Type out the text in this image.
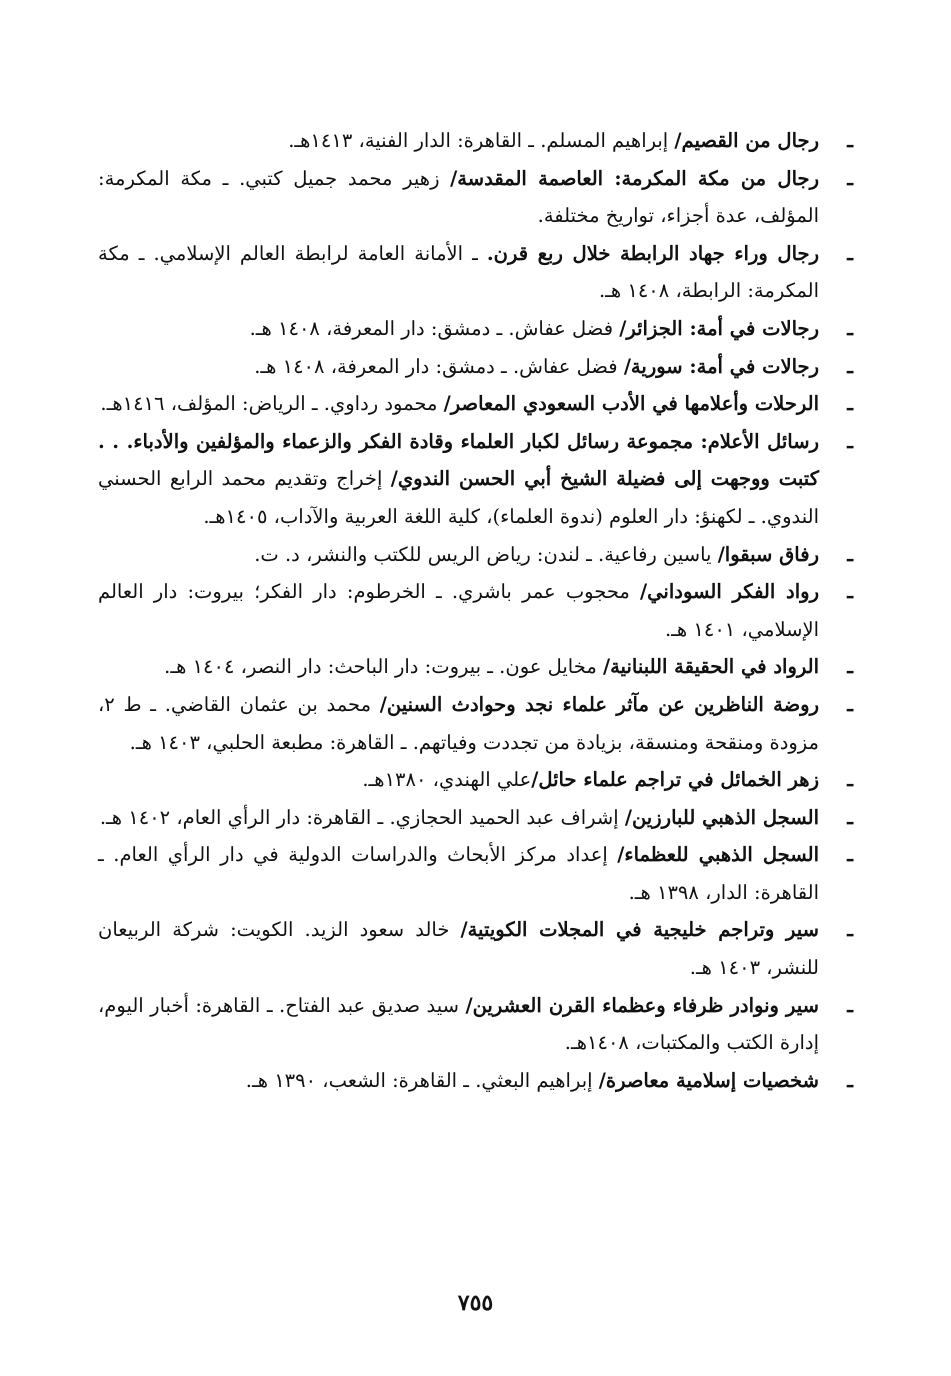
ـ
رجال من القصيم/ إبراهيم المسلم. ـ القاهرة: الدار الفنية، ١٤١٣هـ.
ـ
رجال من مكة المكرمة: العاصمة المقدسة/ زهير محمد جميل كتبي. ـ مكة المكرمة: المؤلف، عدة أجزاء، تواريخ مختلفة.
ـ
رجال وراء جهاد الرابطة خلال ربع قرن. ـ الأمانة العامة لرابطة العالم الإسلامي. ـ مكة المكرمة: الرابطة، ١٤٠٨ هـ.
ـ
رجالات في أمة: الجزائر/ فضل عفاش. ـ دمشق: دار المعرفة، ١٤٠٨ هـ.
ـ
رجالات في أمة: سورية/ فضل عفاش. ـ دمشق: دار المعرفة، ١٤٠٨ هـ.
ـ
الرحلات وأعلامها في الأدب السعودي المعاصر/ محمود رداوي. ـ الرياض: المؤلف، ١٤١٦هـ.
ـ
رسائل الأعلام: مجموعة رسائل لكبار العلماء وقادة الفكر والزعماء والمؤلفين والأدباء. . . كتبت ووجهت إلى فضيلة الشيخ أبي الحسن الندوي/ إخراج وتقديم محمد الرابع الحسني الندوي. ـ لكهنؤ: دار العلوم (ندوة العلماء)، كلية اللغة العربية والآداب، ١٤٠٥هـ.
ـ
رفاق سبقوا/ ياسين رفاعية. ـ لندن: رياض الريس للكتب والنشر، د. ت.
ـ
رواد الفكر السوداني/ محجوب عمر باشري. ـ الخرطوم: دار الفكر؛ بيروت: دار العالم الإسلامي، ١٤٠١ هـ.
ـ
الرواد في الحقيقة اللبنانية/ مخايل عون. ـ بيروت: دار الباحث: دار النصر، ١٤٠٤ هـ.
ـ
روضة الناظرين عن مآثر علماء نجد وحوادث السنين/ محمد بن عثمان القاضي. ـ ط ٢، مزودة ومنقحة ومنسقة، بزيادة من تجددت وفياتهم. ـ القاهرة: مطبعة الحلبي، ١٤٠٣ هـ.
ـ
زهر الخمائل في تراجم علماء حائل/علي الهندي، ١٣٨٠هـ.
ـ
السجل الذهبي للبارزين/ إشراف عبد الحميد الحجازي. ـ القاهرة: دار الرأي العام، ١٤٠٢ هـ.
ـ
السجل الذهبي للعظماء/ إعداد مركز الأبحاث والدراسات الدولية في دار الرأي العام. ـ القاهرة: الدار، ١٣٩٨ هـ.
ـ
سير وتراجم خليجية في المجلات الكويتية/ خالد سعود الزيد. الكويت: شركة الربيعان للنشر، ١٤٠٣ هـ.
ـ
سير ونوادر ظرفاء وعظماء القرن العشرين/ سيد صديق عبد الفتاح. ـ القاهرة: أخبار اليوم، إدارة الكتب والمكتبات، ١٤٠٨هـ.
ـ
شخصيات إسلامية معاصرة/ إبراهيم البعثي. ـ القاهرة: الشعب، ١٣٩٠ هـ.
٧٥٥
